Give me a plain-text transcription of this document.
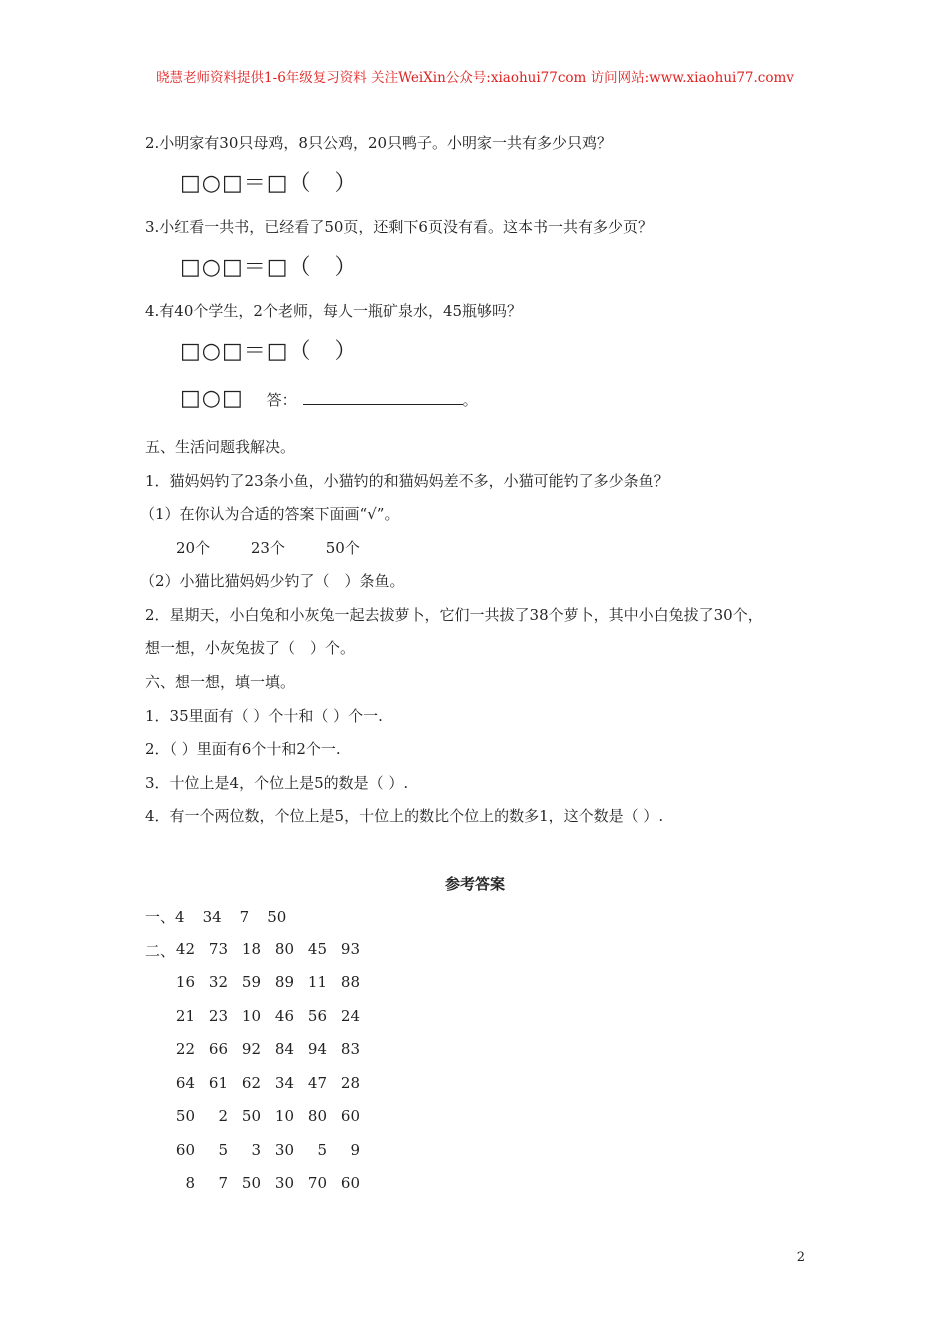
晓慧老师资料提供1-6年级复习资料 关注WeiXin公众号:xiaohui77com 访问网站:www.xiaohui77.comv
2.小明家有30只母鸡，8只公鸡，20只鸭子。小明家一共有多少只鸡？
□○□＝□（　）
3.小红看一共书，已经看了50页，还剩下6页没有看。这本书一共有多少页？
□○□＝□（　）
4.有40个学生，2个老师，每人一瓶矿泉水，45瓶够吗？
□○□＝□（　）
□○□ 答：	。
五、生活问题我解决。
1．猫妈妈钓了23条小鱼，小猫钓的和猫妈妈差不多，小猫可能钓了多少条鱼？
（1）在你认为合适的答案下面画“√”。
20个	23个	50个
（2）小猫比猫妈妈少钓了（　）条鱼。
2．星期天，小白兔和小灰兔一起去拔萝卜，它们一共拔了38个萝卜，其中小白兔拔了30个，
想一想，小灰兔拔了（　）个。
六、想一想，填一填。
1．35里面有（ ）个十和（ ）个一.
2．（ ）里面有6个十和2个一.
3．十位上是4，个位上是5的数是（ ）.
4．有一个两位数，个位上是5，十位上的数比个位上的数多1，这个数是（ ）.
参考答案
一、4 34 7 50
二、 42 73 18 80 45 93
16 32 59 89 11 88
21 23 10 46 56 24
22 66 92 84 94 83
64 61 62 34 47 28
50 2 50 10 80 60
60 5 3 30 5 9
8 7 50 30 70 60
2
